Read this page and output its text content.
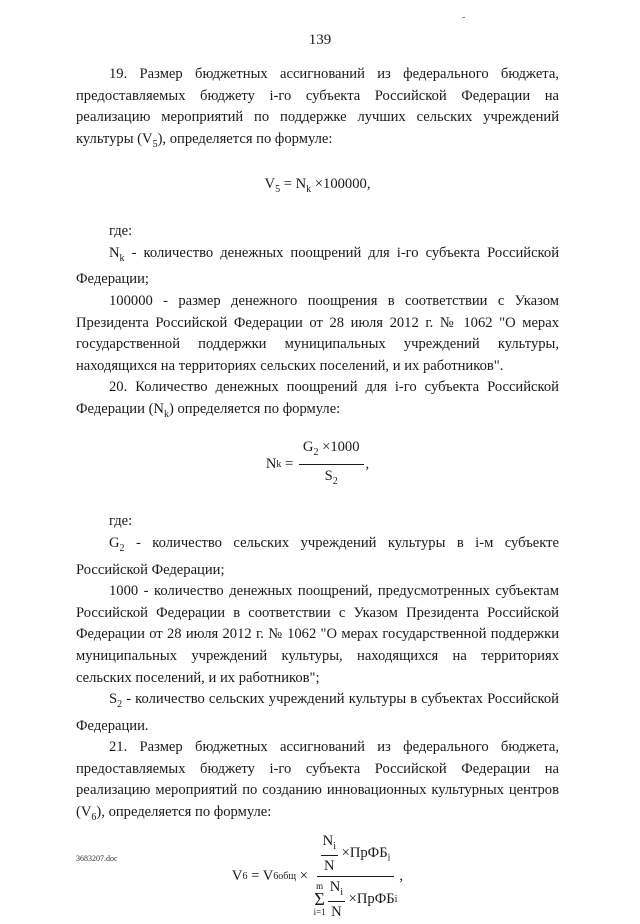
139
-

19. Размер бюджетных ассигнований из федерального бюджета, предоставляемых бюджету i-го субъекта Российской Федерации на реализацию мероприятий по поддержке лучших сельских учреждений культуры $(V_5)$, определяется по формуле:

$V_5 = N_k \times 100000$,

где:

$N_k$ - количество денежных поощрений для i-го субъекта Российской Федерации;

100000 - размер денежного поощрения в соответствии с Указом Президента Российской Федерации от 28 июля 2012 г. № 1062 "О мерах государственной поддержки муниципальных учреждений культуры, находящихся на территориях сельских поселений, и их работников".

20. Количество денежных поощрений для i-го субъекта Российской Федерации $(N_k)$ определяется по формуле:

N $k = \frac{G_2 \times 1000}{S_2}$ ,

где:

$G_2$ - количество сельских учреждений культуры в i-м субъекте Российской Федерации;

1000 - количество денежных поощрений, предусмотренных субъектам Российской Федерации в соответствии с Указом Президента Российской Федерации от 28 июля 2012 г. № 1062 "О мерах государственной поддержки муниципальных учреждений культуры, находящихся на территориях сельских поселений, и их работников";

$S_2$ - количество сельских учреждений культуры в субъектах Российской Федерации.

21. Размер бюджетных ассигнований из федерального бюджета, предоставляемых бюджету i-го субъекта Российской Федерации на реализацию мероприятий по созданию инновационных культурных центров $(V_6)$, определяется по формуле:

V 6 = V 6общ ×
$\frac{N_i}{N}$ ×ПрФБ$_i$
m
Σ
$i=1 \frac{N_i}{N}$ ×ПрФБ i
,
3683207.doc
